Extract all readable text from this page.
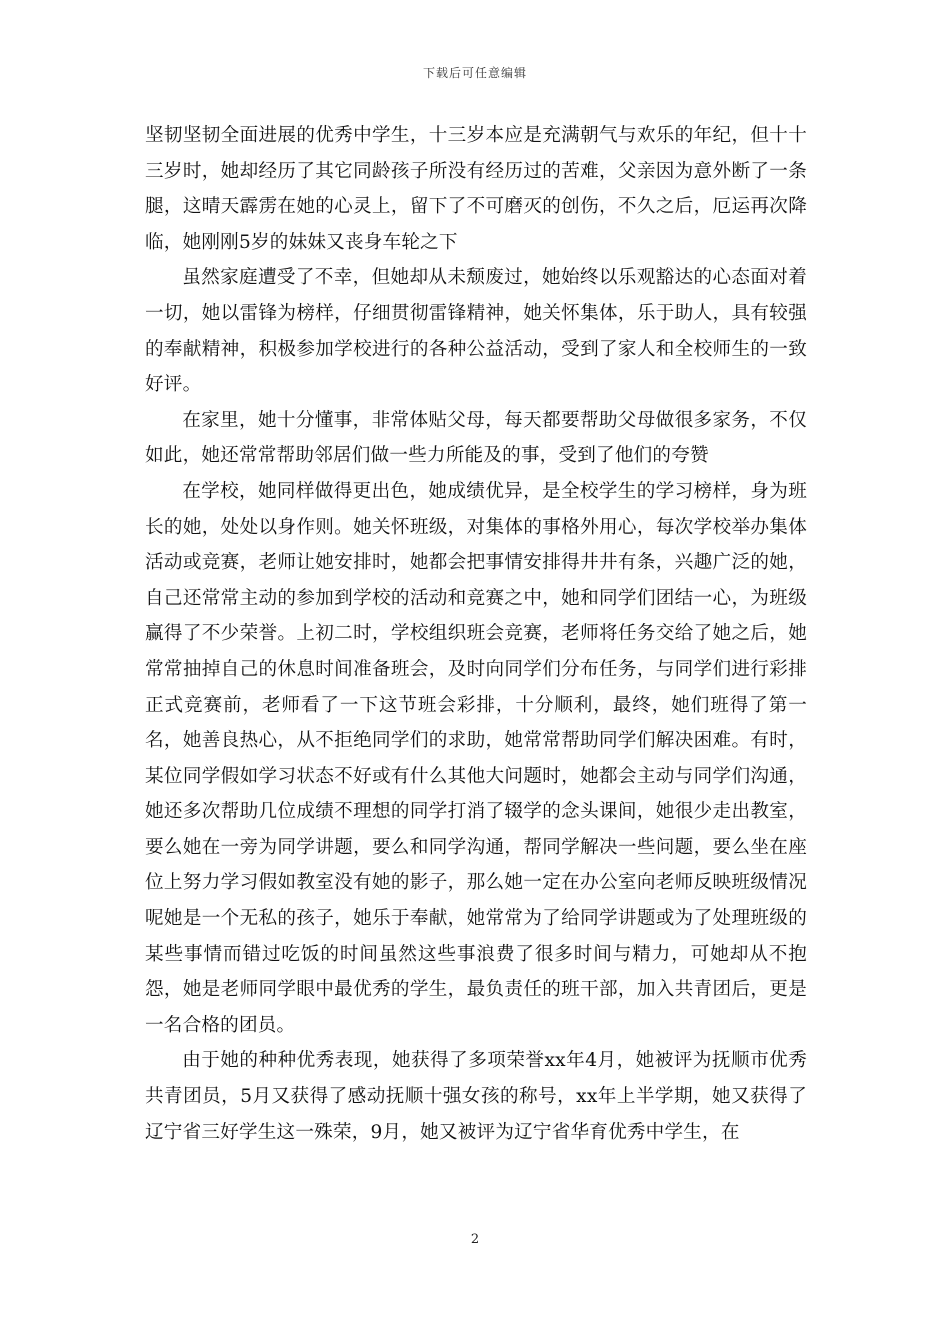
下载后可任意编辑

坚韧坚韧全面进展的优秀中学生，十三岁本应是充满朝气与欢乐的年纪，但十十三岁时，她却经历了其它同龄孩子所没有经历过的苦难，父亲因为意外断了一条腿，这晴天霹雳在她的心灵上，留下了不可磨灭的创伤，不久之后，厄运再次降临，她刚刚5岁的妹妹又丧身车轮之下

虽然家庭遭受了不幸，但她却从未颓废过，她始终以乐观豁达的心态面对着一切，她以雷锋为榜样，仔细贯彻雷锋精神，她关怀集体，乐于助人，具有较强的奉献精神，积极参加学校进行的各种公益活动，受到了家人和全校师生的一致好评。

在家里，她十分懂事，非常体贴父母，每天都要帮助父母做很多家务，不仅如此，她还常常帮助邻居们做一些力所能及的事，受到了他们的夸赞

在学校，她同样做得更出色，她成绩优异，是全校学生的学习榜样，身为班长的她，处处以身作则。她关怀班级，对集体的事格外用心，每次学校举办集体活动或竞赛，老师让她安排时，她都会把事情安排得井井有条，兴趣广泛的她，自己还常常主动的参加到学校的活动和竞赛之中，她和同学们团结一心，为班级赢得了不少荣誉。上初二时，学校组织班会竞赛，老师将任务交给了她之后，她常常抽掉自己的休息时间准备班会，及时向同学们分布任务，与同学们进行彩排正式竞赛前，老师看了一下这节班会彩排，十分顺利，最终，她们班得了第一名，她善良热心，从不拒绝同学们的求助，她常常帮助同学们解决困难。有时，某位同学假如学习状态不好或有什么其他大问题时，她都会主动与同学们沟通，她还多次帮助几位成绩不理想的同学打消了辍学的念头课间，她很少走出教室，要么她在一旁为同学讲题，要么和同学沟通，帮同学解决一些问题，要么坐在座位上努力学习假如教室没有她的影子，那么她一定在办公室向老师反映班级情况呢她是一个无私的孩子，她乐于奉献，她常常为了给同学讲题或为了处理班级的某些事情而错过吃饭的时间虽然这些事浪费了很多时间与精力，可她却从不抱怨，她是老师同学眼中最优秀的学生，最负责任的班干部，加入共青团后，更是一名合格的团员。

由于她的种种优秀表现，她获得了多项荣誉xx年4月，她被评为抚顺市优秀共青团员，5月又获得了感动抚顺十强女孩的称号，xx年上半学期，她又获得了辽宁省三好学生这一殊荣，9月，她又被评为辽宁省华育优秀中学生，在

2
